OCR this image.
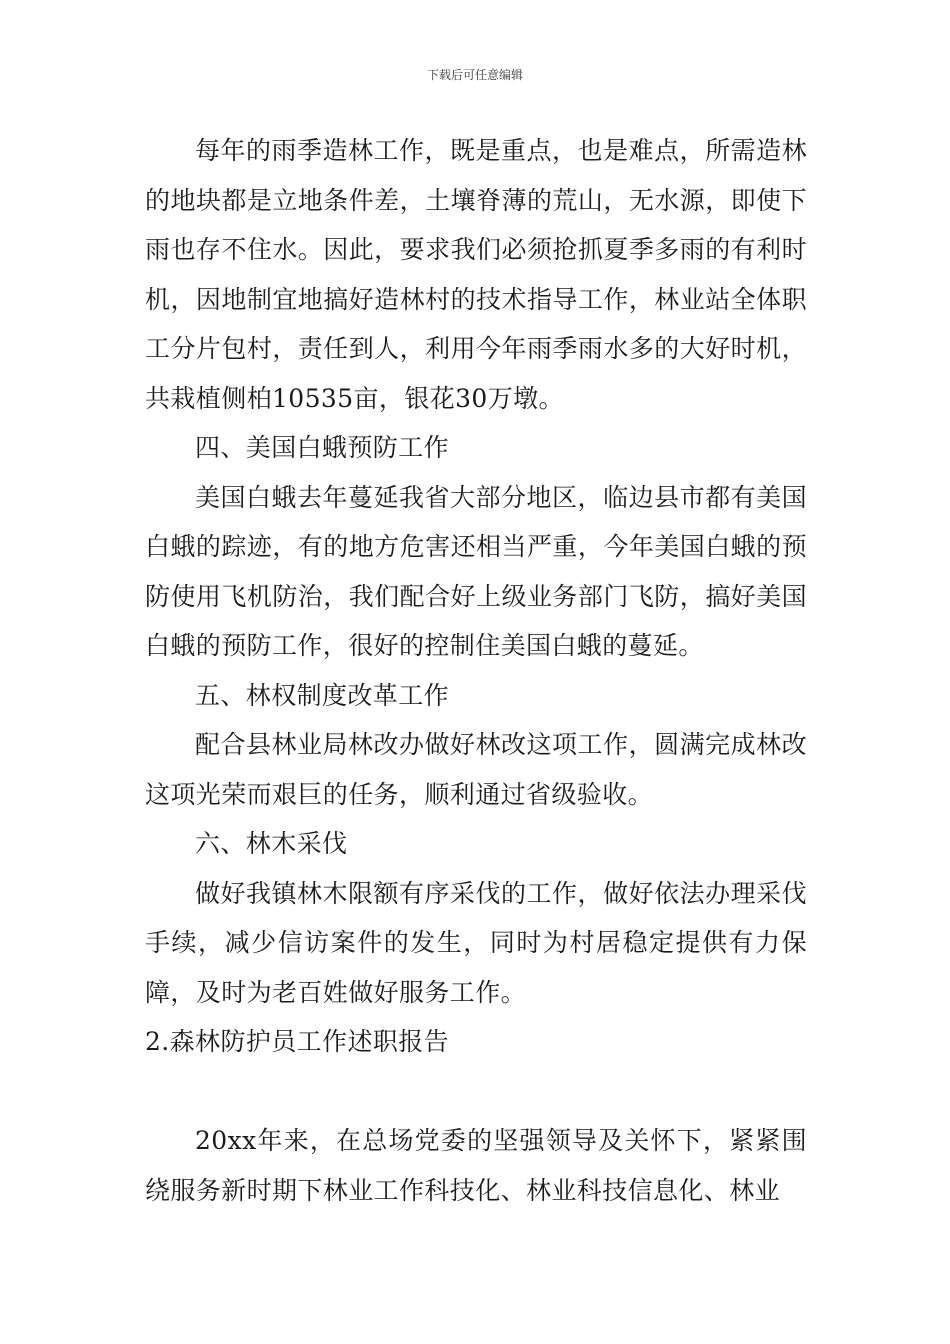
下载后可任意编辑

每年的雨季造林工作，既是重点，也是难点，所需造林的地块都是立地条件差，土壤脊薄的荒山，无水源，即使下雨也存不住水。因此，要求我们必须抢抓夏季多雨的有利时机，因地制宜地搞好造林村的技术指导工作，林业站全体职工分片包村，责任到人，利用今年雨季雨水多的大好时机，共栽植侧柏10535亩，银花30万墩。

四、美国白蛾预防工作

美国白蛾去年蔓延我省大部分地区，临边县市都有美国白蛾的踪迹，有的地方危害还相当严重，今年美国白蛾的预防使用飞机防治，我们配合好上级业务部门飞防，搞好美国白蛾的预防工作，很好的控制住美国白蛾的蔓延。

五、林权制度改革工作

配合县林业局林改办做好林改这项工作，圆满完成林改这项光荣而艰巨的任务，顺利通过省级验收。

六、林木采伐

做好我镇林木限额有序采伐的工作，做好依法办理采伐手续，减少信访案件的发生，同时为村居稳定提供有力保障，及时为老百姓做好服务工作。

2.森林防护员工作述职报告

20xx年来，在总场党委的坚强领导及关怀下，紧紧围绕服务新时期下林业工作科技化、林业科技信息化、林业
